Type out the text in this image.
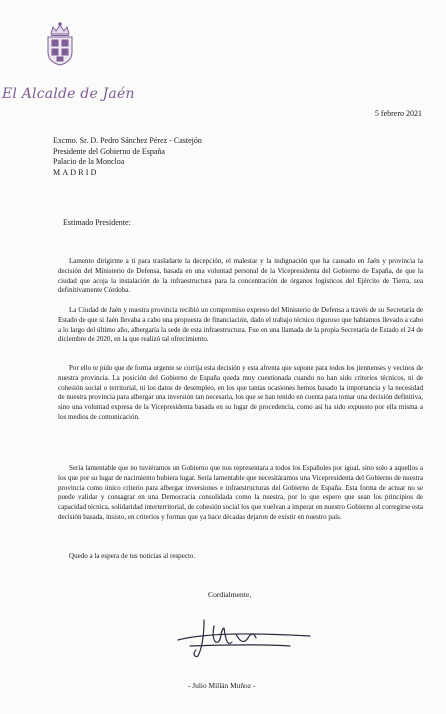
El Alcalde de Jaén
5 febrero 2021
Excmo. Sr. D. Pedro Sánchez Pérez - Castejón
Presidente del Gobierno de España
Palacio de la Moncloa
MADRID
Estimado Presidente:

Lamento dirigirme a ti para trasladarte la decepción, el malestar y la indignación que ha causado en Jaén y provincia la decisión del Ministerio de Defensa, basada en una voluntad personal de la Vicepresidenta del Gobierno de España, de que la ciudad que acoja la instalación de la infraestructura para la concentración de órganos logísticos del Ejército de Tierra, sea definitivamente Córdoba.

La Ciudad de Jaén y nuestra provincia recibió un compromiso expreso del Ministerio de Defensa a través de su Secretaría de Estado de que si Jaén llevaba a cabo una propuesta de financiación, dado el trabajo técnico riguroso que habíamos llevado a cabo a lo largo del último año, albergaría la sede de esta infraestructura. Fue en una llamada de la propia Secretaría de Estado el 24 de diciembre de 2020, en la que realizó tal ofrecimiento.

Por ello te pido que de forma urgente se corrija esta decisión y esta afrenta que supone para todos los jiennenses y vecinos de nuestra provincia. La posición del Gobierno de España queda muy cuestionada cuando no han sido criterios técnicos, ni de cohesión social o territorial, ni los datos de desempleo, en los que tantas ocasiones hemos basado la importancia y la necesidad de nuestra provincia para albergar una inversión tan necesaria, los que se han tenido en cuenta para tomar una decisión definitiva, sino una voluntad expresa de la Vicepresidenta basada en su lugar de procedencia, como así ha sido expuesto por ella misma a los medios de comunicación.

Sería lamentable que no tuviéramos un Gobierno que nos representara a todos los Españoles por igual, sino solo a aquellos a los que por su lugar de nacimiento hubiera lugar. Sería lamentable que necesitáramos una Vicepresidenta del Gobierno de nuestra provincia como único criterio para albergar inversiones e infraestructuras del Gobierno de España. Esta forma de actuar no se puede validar y consagrar en una Democracia consolidada como la nuestra, por lo que espero que sean los principios de capacidad técnica, solidaridad interterritorial, de cohesión social los que vuelvan a imperar en nuestro Gobierno al corregirse esta decisión basada, insisto, en criterios y formas que ya hace décadas dejaron de existir en nuestro país.

Quedo a la espera de tus noticias al respecto.

Cordialmente,
- Julio Millán Muñoz -
